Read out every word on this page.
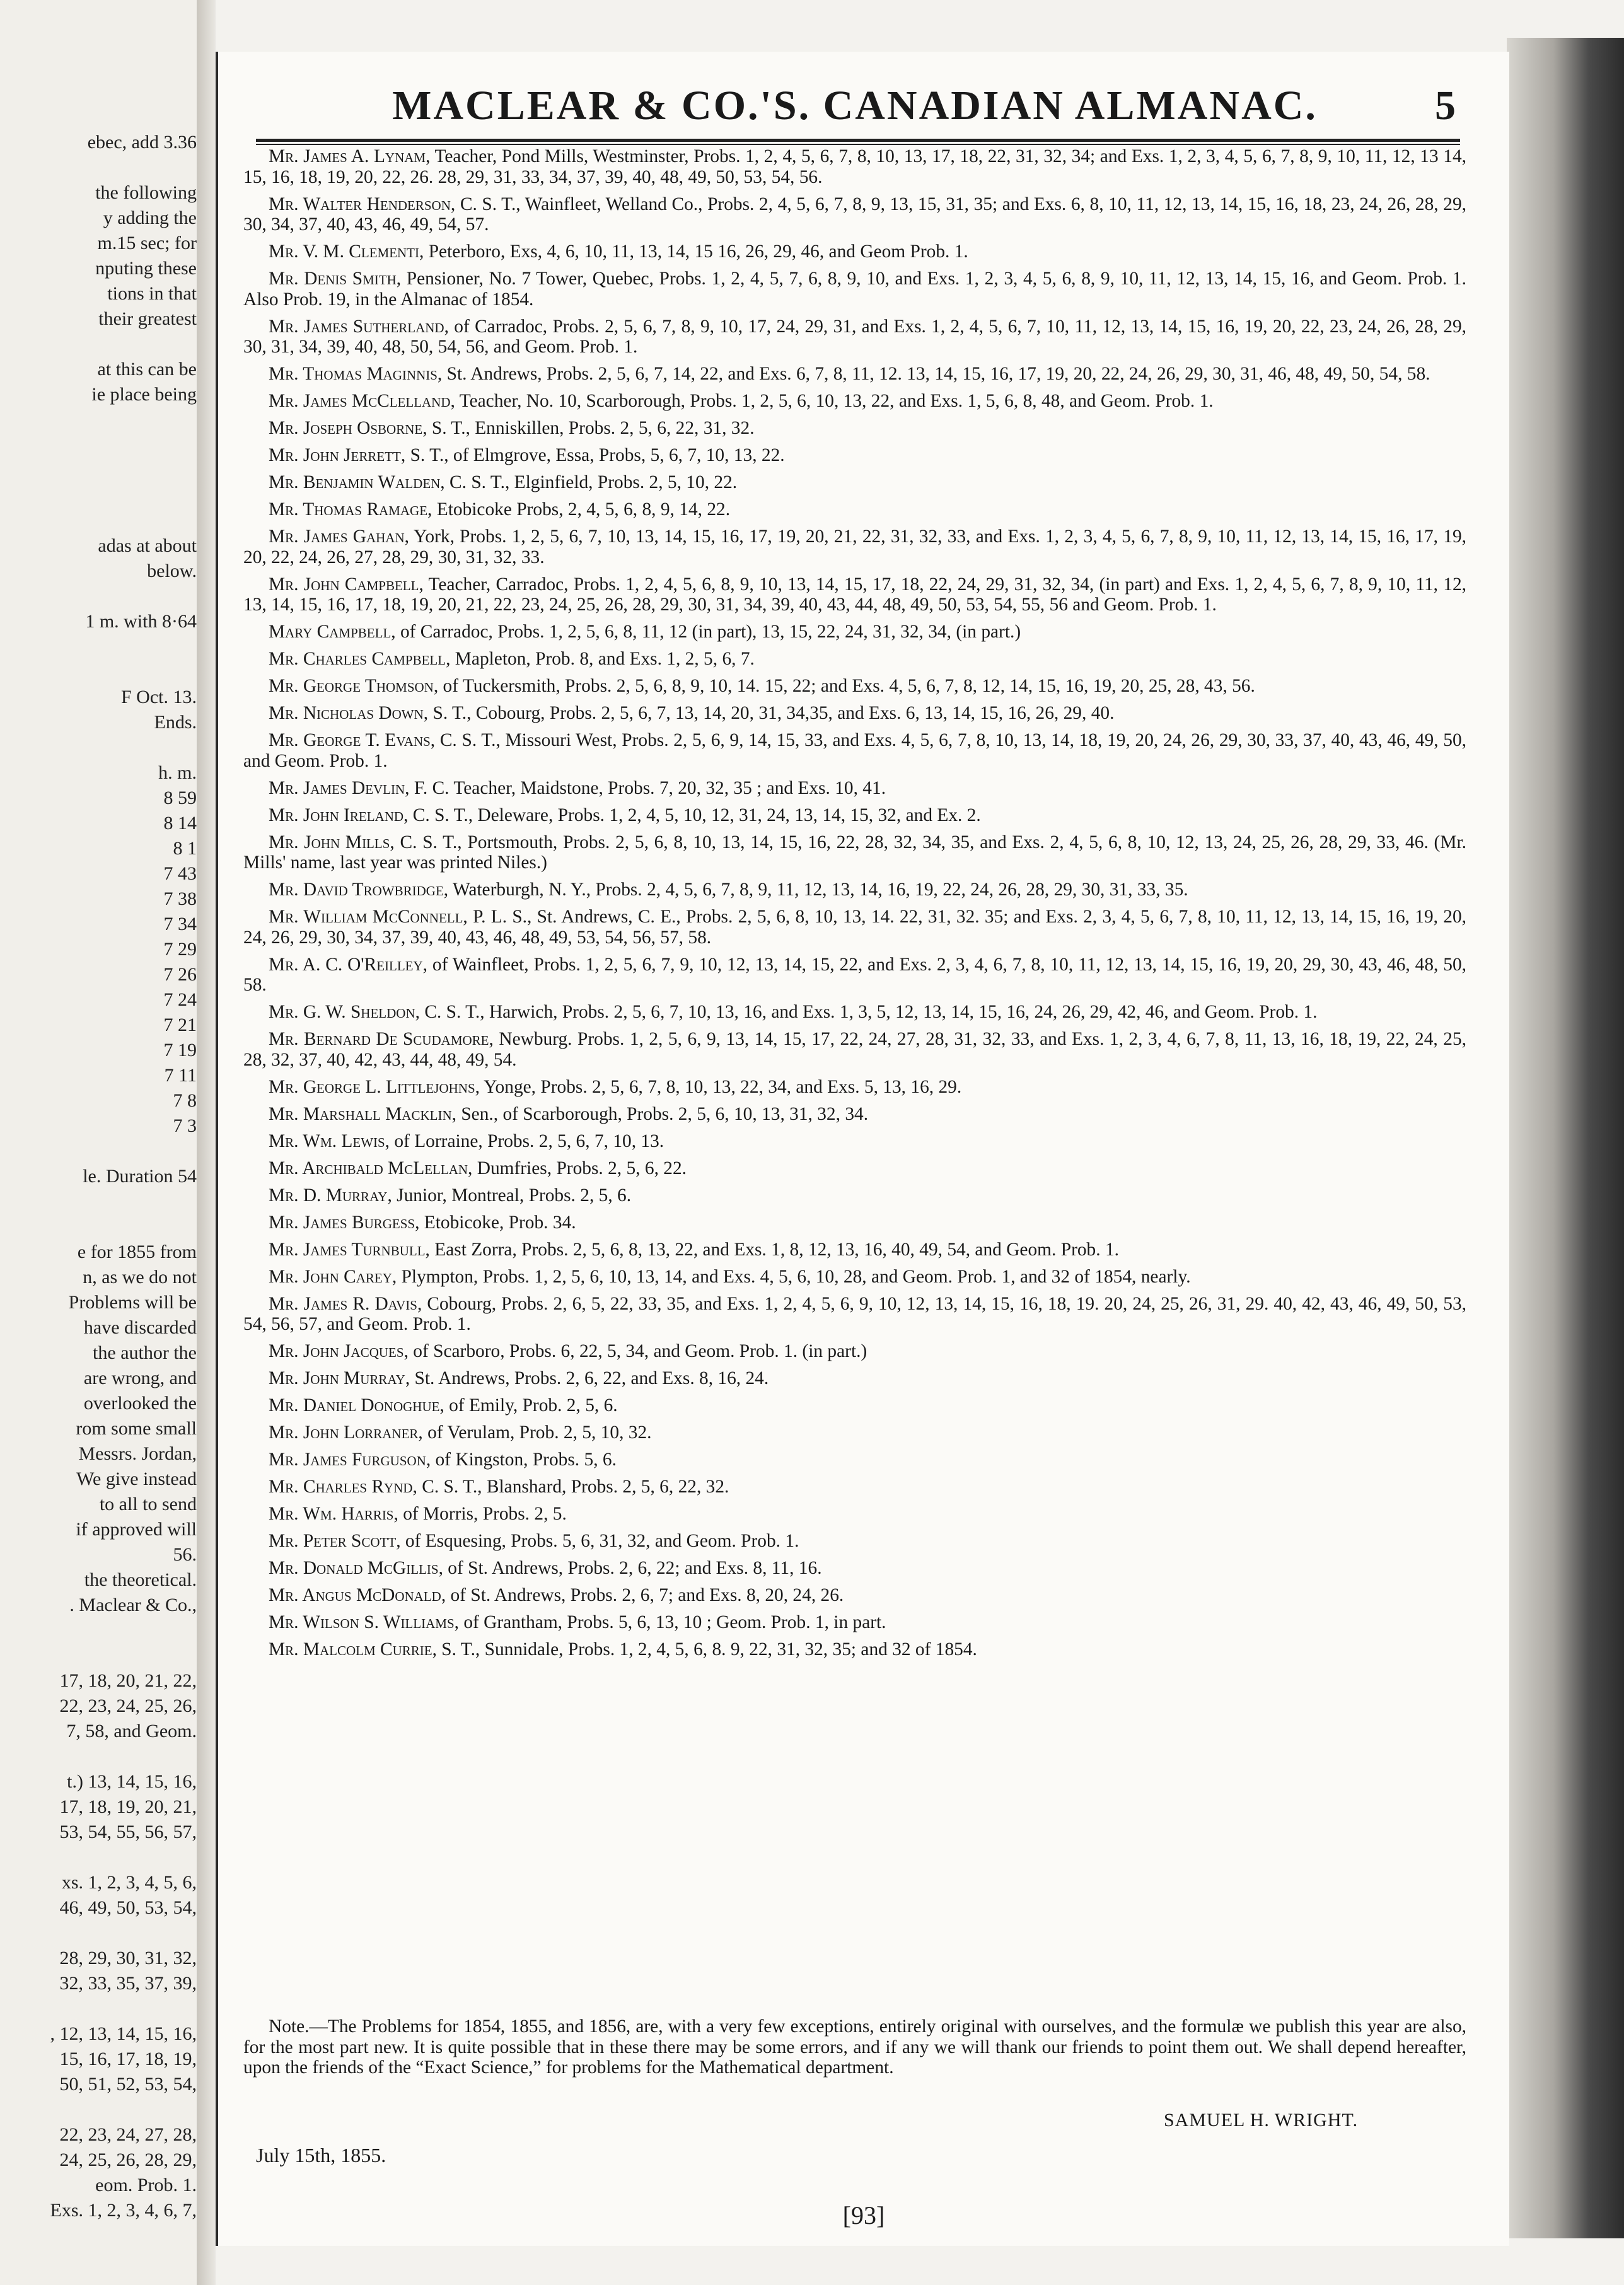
ebec, add 3.36
the following
y adding the
m.15 sec; for
nputing these
tions in that
their greatest
at this can be
ie place being
adas at about
below.
1 m. with 8·64
F Oct. 13.
Ends.
h. m.
8 59
8 14
8 1
7 43
7 38
7 34
7 29
7 26
7 24
7 21
7 19
7 11
7 8
7 3
le. Duration 54
e for 1855 from
n, as we do not
Problems will be
have discarded
the author the
are wrong, and
overlooked the
rom some small
Messrs. Jordan,
We give instead
to all to send
if approved will
56.
the theoretical.
. Maclear & Co.,
17, 18, 20, 21, 22,
22, 23, 24, 25, 26,
7, 58, and Geom.
t.) 13, 14, 15, 16,
17, 18, 19, 20, 21,
53, 54, 55, 56, 57,
xs. 1, 2, 3, 4, 5, 6,
46, 49, 50, 53, 54,
28, 29, 30, 31, 32,
32, 33, 35, 37, 39,
, 12, 13, 14, 15, 16,
15, 16, 17, 18, 19,
50, 51, 52, 53, 54,
22, 23, 24, 27, 28,
24, 25, 26, 28, 29,
eom. Prob. 1.
Exs. 1, 2, 3, 4, 6, 7,
MACLEAR & CO.'S. CANADIAN ALMANAC.	5

Mr. James A. Lynam, Teacher, Pond Mills, Westminster, Probs. 1, 2, 4, 5, 6, 7, 8, 10, 13, 17, 18, 22, 31, 32, 34; and Exs. 1, 2, 3, 4, 5, 6, 7, 8, 9, 10, 11, 12, 13 14, 15, 16, 18, 19, 20, 22, 26. 28, 29, 31, 33, 34, 37, 39, 40, 48, 49, 50, 53, 54, 56.

Mr. Walter Henderson, C. S. T., Wainfleet, Welland Co., Probs. 2, 4, 5, 6, 7, 8, 9, 13, 15, 31, 35; and Exs. 6, 8, 10, 11, 12, 13, 14, 15, 16, 18, 23, 24, 26, 28, 29, 30, 34, 37, 40, 43, 46, 49, 54, 57.

Mr. V. M. Clementi, Peterboro, Exs, 4, 6, 10, 11, 13, 14, 15 16, 26, 29, 46, and Geom Prob. 1.

Mr. Denis Smith, Pensioner, No. 7 Tower, Quebec, Probs. 1, 2, 4, 5, 7, 6, 8, 9, 10, and Exs. 1, 2, 3, 4, 5, 6, 8, 9, 10, 11, 12, 13, 14, 15, 16, and Geom. Prob. 1. Also Prob. 19, in the Almanac of 1854.

Mr. James Sutherland, of Carradoc, Probs. 2, 5, 6, 7, 8, 9, 10, 17, 24, 29, 31, and Exs. 1, 2, 4, 5, 6, 7, 10, 11, 12, 13, 14, 15, 16, 19, 20, 22, 23, 24, 26, 28, 29, 30, 31, 34, 39, 40, 48, 50, 54, 56, and Geom. Prob. 1.

Mr. Thomas Maginnis, St. Andrews, Probs. 2, 5, 6, 7, 14, 22, and Exs. 6, 7, 8, 11, 12. 13, 14, 15, 16, 17, 19, 20, 22, 24, 26, 29, 30, 31, 46, 48, 49, 50, 54, 58.

Mr. James McClelland, Teacher, No. 10, Scarborough, Probs. 1, 2, 5, 6, 10, 13, 22, and Exs. 1, 5, 6, 8, 48, and Geom. Prob. 1.

Mr. Joseph Osborne, S. T., Enniskillen, Probs. 2, 5, 6, 22, 31, 32.

Mr. John Jerrett, S. T., of Elmgrove, Essa, Probs, 5, 6, 7, 10, 13, 22.

Mr. Benjamin Walden, C. S. T., Elginfield, Probs. 2, 5, 10, 22.

Mr. Thomas Ramage, Etobicoke Probs, 2, 4, 5, 6, 8, 9, 14, 22.

Mr. James Gahan, York, Probs. 1, 2, 5, 6, 7, 10, 13, 14, 15, 16, 17, 19, 20, 21, 22, 31, 32, 33, and Exs. 1, 2, 3, 4, 5, 6, 7, 8, 9, 10, 11, 12, 13, 14, 15, 16, 17, 19, 20, 22, 24, 26, 27, 28, 29, 30, 31, 32, 33.

Mr. John Campbell, Teacher, Carradoc, Probs. 1, 2, 4, 5, 6, 8, 9, 10, 13, 14, 15, 17, 18, 22, 24, 29, 31, 32, 34, (in part) and Exs. 1, 2, 4, 5, 6, 7, 8, 9, 10, 11, 12, 13, 14, 15, 16, 17, 18, 19, 20, 21, 22, 23, 24, 25, 26, 28, 29, 30, 31, 34, 39, 40, 43, 44, 48, 49, 50, 53, 54, 55, 56 and Geom. Prob. 1.

Mary Campbell, of Carradoc, Probs. 1, 2, 5, 6, 8, 11, 12 (in part), 13, 15, 22, 24, 31, 32, 34, (in part.)

Mr. Charles Campbell, Mapleton, Prob. 8, and Exs. 1, 2, 5, 6, 7.

Mr. George Thomson, of Tuckersmith, Probs. 2, 5, 6, 8, 9, 10, 14. 15, 22; and Exs. 4, 5, 6, 7, 8, 12, 14, 15, 16, 19, 20, 25, 28, 43, 56.

Mr. Nicholas Down, S. T., Cobourg, Probs. 2, 5, 6, 7, 13, 14, 20, 31, 34,35, and Exs. 6, 13, 14, 15, 16, 26, 29, 40.

Mr. George T. Evans, C. S. T., Missouri West, Probs. 2, 5, 6, 9, 14, 15, 33, and Exs. 4, 5, 6, 7, 8, 10, 13, 14, 18, 19, 20, 24, 26, 29, 30, 33, 37, 40, 43, 46, 49, 50, and Geom. Prob. 1.

Mr. James Devlin, F. C. Teacher, Maidstone, Probs. 7, 20, 32, 35 ; and Exs. 10, 41.

Mr. John Ireland, C. S. T., Deleware, Probs. 1, 2, 4, 5, 10, 12, 31, 24, 13, 14, 15, 32, and Ex. 2.

Mr. John Mills, C. S. T., Portsmouth, Probs. 2, 5, 6, 8, 10, 13, 14, 15, 16, 22, 28, 32, 34, 35, and Exs. 2, 4, 5, 6, 8, 10, 12, 13, 24, 25, 26, 28, 29, 33, 46. (Mr. Mills' name, last year was printed Niles.)

Mr. David Trowbridge, Waterburgh, N. Y., Probs. 2, 4, 5, 6, 7, 8, 9, 11, 12, 13, 14, 16, 19, 22, 24, 26, 28, 29, 30, 31, 33, 35.

Mr. William McConnell, P. L. S., St. Andrews, C. E., Probs. 2, 5, 6, 8, 10, 13, 14. 22, 31, 32. 35; and Exs. 2, 3, 4, 5, 6, 7, 8, 10, 11, 12, 13, 14, 15, 16, 19, 20, 24, 26, 29, 30, 34, 37, 39, 40, 43, 46, 48, 49, 53, 54, 56, 57, 58.

Mr. A. C. O'Reilley, of Wainfleet, Probs. 1, 2, 5, 6, 7, 9, 10, 12, 13, 14, 15, 22, and Exs. 2, 3, 4, 6, 7, 8, 10, 11, 12, 13, 14, 15, 16, 19, 20, 29, 30, 43, 46, 48, 50, 58.

Mr. G. W. Sheldon, C. S. T., Harwich, Probs. 2, 5, 6, 7, 10, 13, 16, and Exs. 1, 3, 5, 12, 13, 14, 15, 16, 24, 26, 29, 42, 46, and Geom. Prob. 1.

Mr. Bernard De Scudamore, Newburg. Probs. 1, 2, 5, 6, 9, 13, 14, 15, 17, 22, 24, 27, 28, 31, 32, 33, and Exs. 1, 2, 3, 4, 6, 7, 8, 11, 13, 16, 18, 19, 22, 24, 25, 28, 32, 37, 40, 42, 43, 44, 48, 49, 54.

Mr. George L. Littlejohns, Yonge, Probs. 2, 5, 6, 7, 8, 10, 13, 22, 34, and Exs. 5, 13, 16, 29.

Mr. Marshall Macklin, Sen., of Scarborough, Probs. 2, 5, 6, 10, 13, 31, 32, 34.

Mr. Wm. Lewis, of Lorraine, Probs. 2, 5, 6, 7, 10, 13.

Mr. Archibald McLellan, Dumfries, Probs. 2, 5, 6, 22.

Mr. D. Murray, Junior, Montreal, Probs. 2, 5, 6.

Mr. James Burgess, Etobicoke, Prob. 34.

Mr. James Turnbull, East Zorra, Probs. 2, 5, 6, 8, 13, 22, and Exs. 1, 8, 12, 13, 16, 40, 49, 54, and Geom. Prob. 1.

Mr. John Carey, Plympton, Probs. 1, 2, 5, 6, 10, 13, 14, and Exs. 4, 5, 6, 10, 28, and Geom. Prob. 1, and 32 of 1854, nearly.

Mr. James R. Davis, Cobourg, Probs. 2, 6, 5, 22, 33, 35, and Exs. 1, 2, 4, 5, 6, 9, 10, 12, 13, 14, 15, 16, 18, 19. 20, 24, 25, 26, 31, 29. 40, 42, 43, 46, 49, 50, 53, 54, 56, 57, and Geom. Prob. 1.

Mr. John Jacques, of Scarboro, Probs. 6, 22, 5, 34, and Geom. Prob. 1. (in part.)

Mr. John Murray, St. Andrews, Probs. 2, 6, 22, and Exs. 8, 16, 24.

Mr. Daniel Donoghue, of Emily, Prob. 2, 5, 6.

Mr. John Lorraner, of Verulam, Prob. 2, 5, 10, 32.

Mr. James Furguson, of Kingston, Probs. 5, 6.

Mr. Charles Rynd, C. S. T., Blanshard, Probs. 2, 5, 6, 22, 32.

Mr. Wm. Harris, of Morris, Probs. 2, 5.

Mr. Peter Scott, of Esquesing, Probs. 5, 6, 31, 32, and Geom. Prob. 1.

Mr. Donald McGillis, of St. Andrews, Probs. 2, 6, 22; and Exs. 8, 11, 16.

Mr. Angus McDonald, of St. Andrews, Probs. 2, 6, 7; and Exs. 8, 20, 24, 26.

Mr. Wilson S. Williams, of Grantham, Probs. 5, 6, 13, 10 ; Geom. Prob. 1, in part.

Mr. Malcolm Currie, S. T., Sunnidale, Probs. 1, 2, 4, 5, 6, 8. 9, 22, 31, 32, 35; and 32 of 1854.

Note.—The Problems for 1854, 1855, and 1856, are, with a very few exceptions, entirely original with ourselves, and the formulæ we publish this year are also, for the most part new. It is quite possible that in these there may be some errors, and if any we will thank our friends to point them out. We shall depend hereafter, upon the friends of the “Exact Science,” for problems for the Mathematical department.
SAMUEL H. WRIGHT.
July 15th, 1855.
[93]
